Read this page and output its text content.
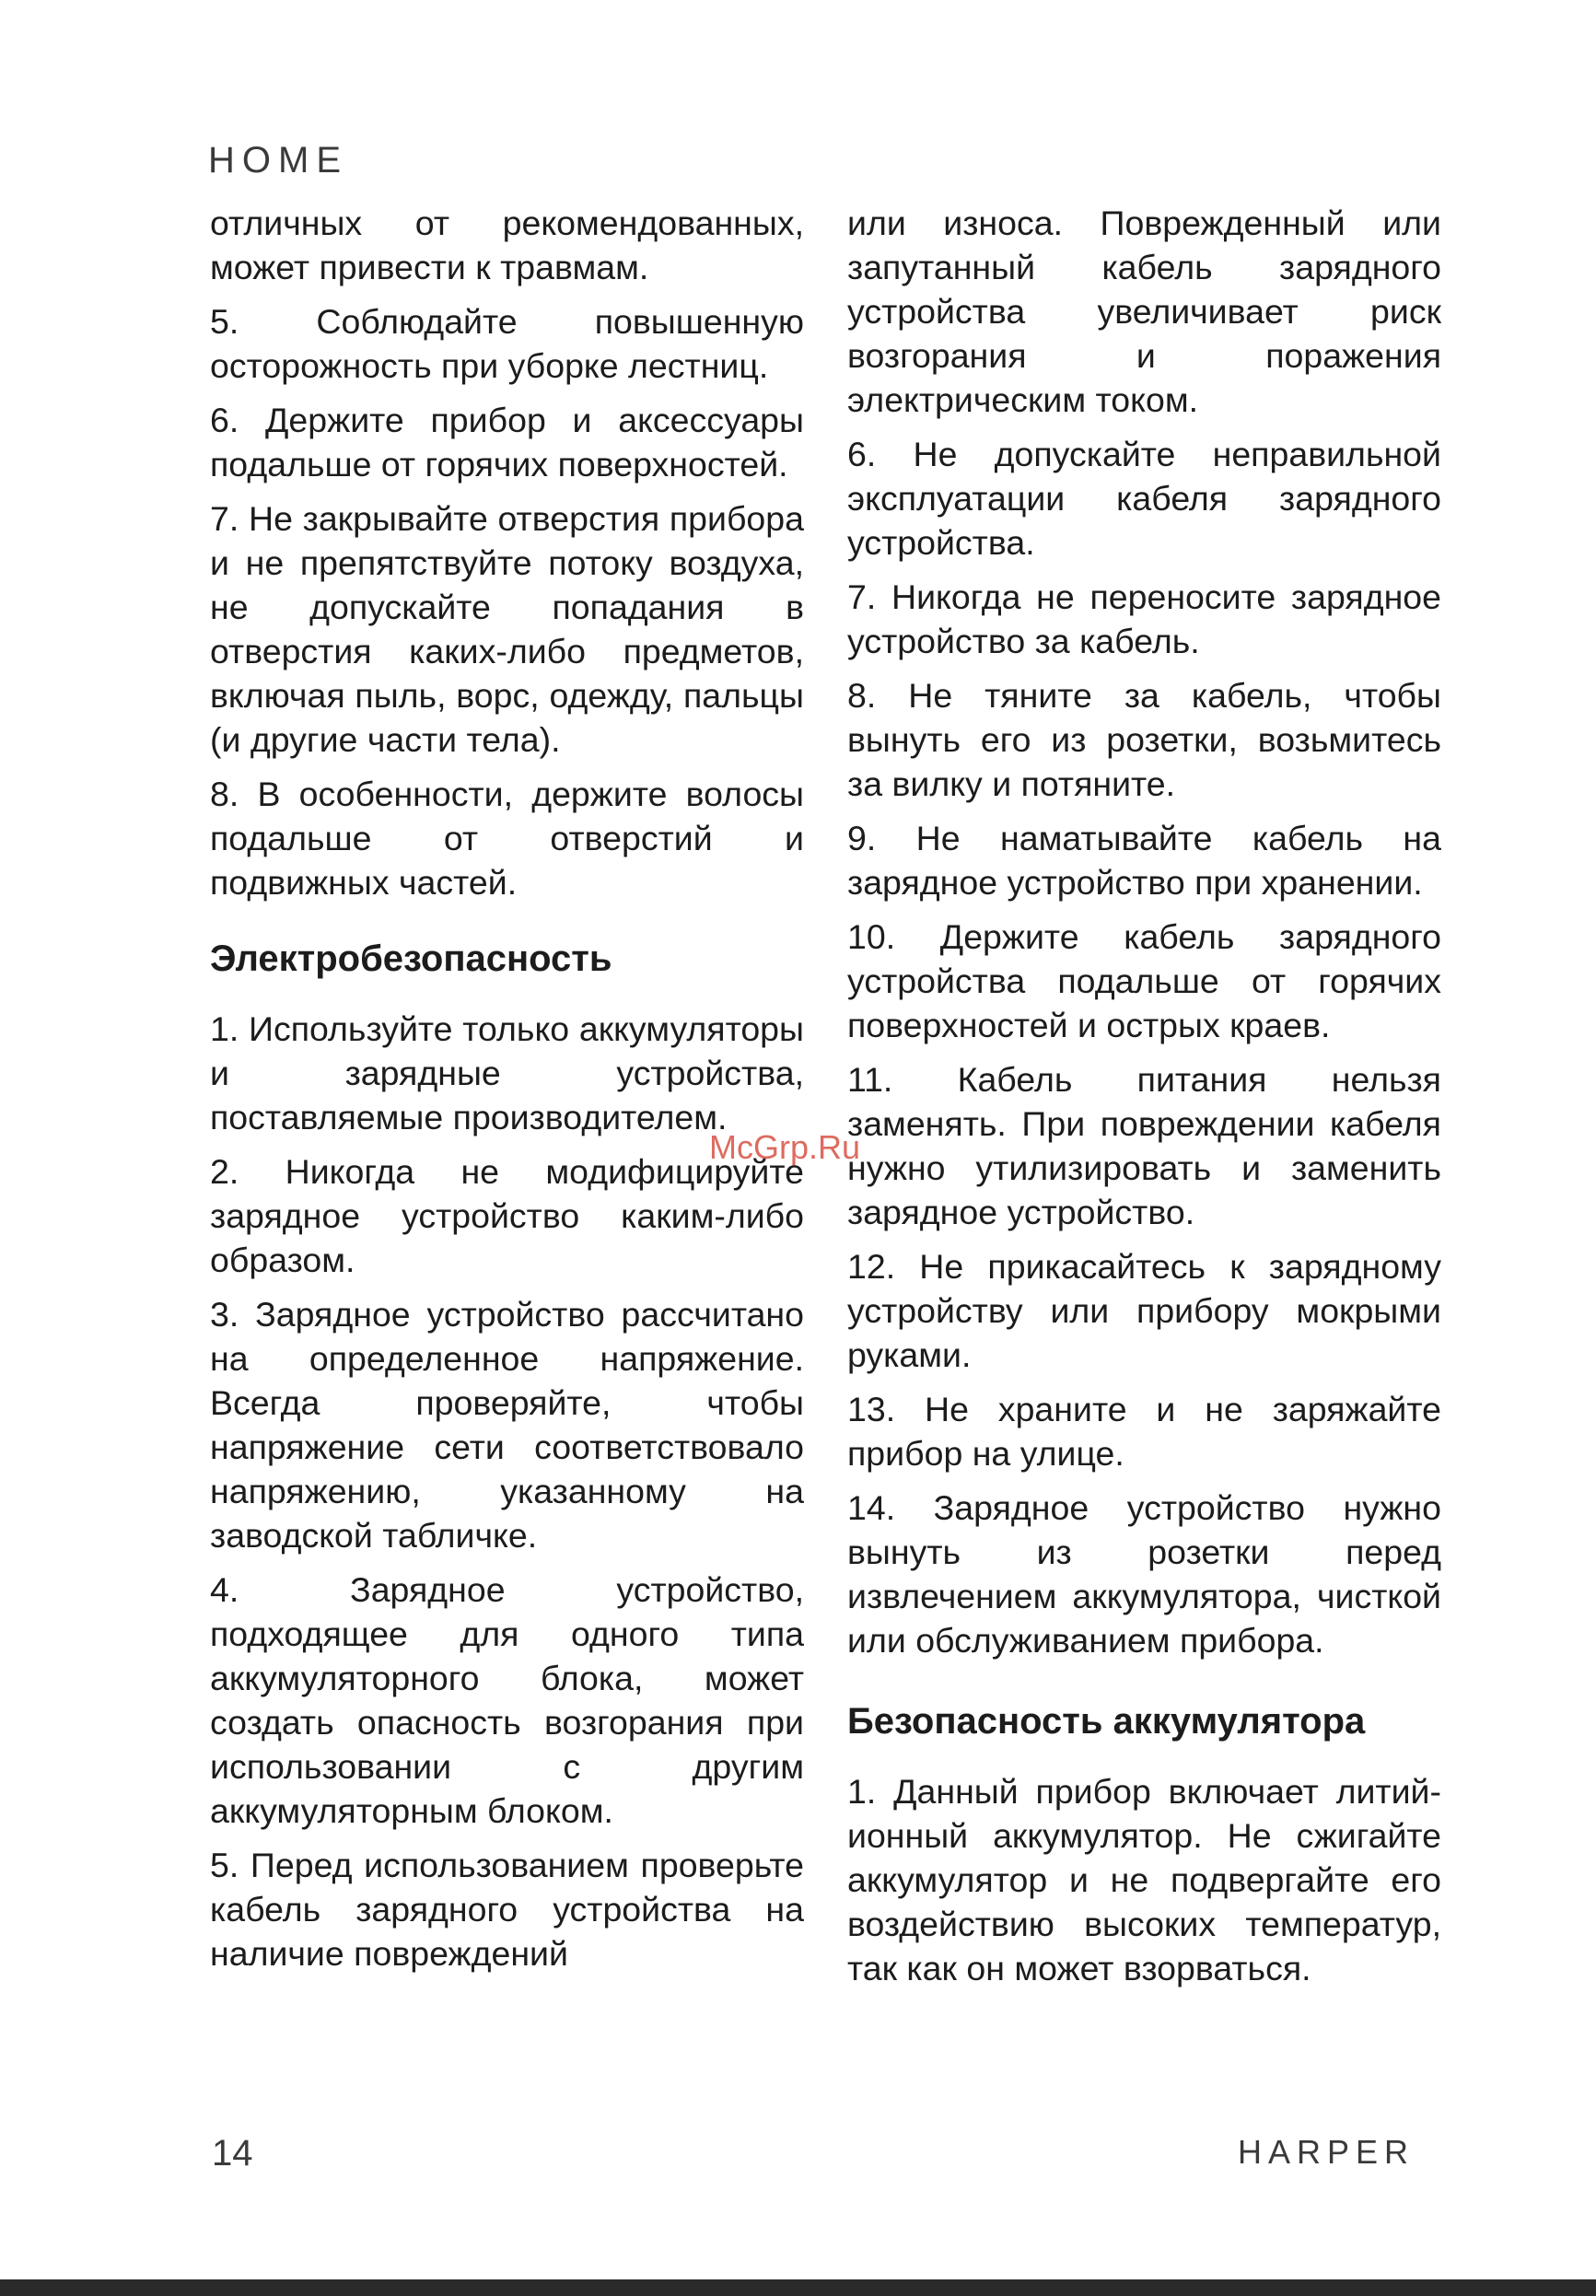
HOME

отличных от рекомендованных, может привести к травмам.

5. Соблюдайте повышенную осторожность при уборке лестниц.

6. Держите прибор и аксессуары подальше от горячих поверхностей.

7. Не закрывайте отверстия прибора и не препятствуйте потоку воздуха, не допускайте попадания в отверстия каких-либо предметов, включая пыль, ворс, одежду, пальцы (и другие части тела).

8. В особенности, держите волосы подальше от отверстий и подвижных частей.

Электробезопасность

1. Используйте только аккумуляторы и зарядные устройства, поставляемые производителем.

2. Никогда не модифицируйте зарядное устройство каким-либо образом.

3. Зарядное устройство рассчитано на определенное напряжение. Всегда проверяйте, чтобы напряжение сети соответствовало напряжению, указанному на заводской табличке.

4. Зарядное устройство, подходящее для одного типа аккумуляторного блока, может создать опасность возгорания при использовании с другим аккумуляторным блоком.

5. Перед использованием проверьте кабель зарядного устройства на наличие повреждений

или износа. Поврежденный или запутанный кабель зарядного устройства увеличивает риск возгорания и поражения электрическим током.

6. Не допускайте неправильной эксплуатации кабеля зарядного устройства.

7. Никогда не переносите зарядное устройство за кабель.

8. Не тяните за кабель, чтобы вынуть его из розетки, возьмитесь за вилку и потяните.

9. Не наматывайте кабель на зарядное устройство при хранении.

10. Держите кабель зарядного устройства подальше от горячих поверхностей и острых краев.

11. Кабель питания нельзя заменять. При повреждении кабеля нужно утилизировать и заменить зарядное устройство.

12. Не прикасайтесь к зарядному устройству или прибору мокрыми руками.

13. Не храните и не заряжайте прибор на улице.

14. Зарядное устройство нужно вынуть из розетки перед извлечением аккумулятора, чисткой или обслуживанием прибора.

Безопасность аккумулятора

1. Данный прибор включает литий-ионный аккумулятор. Не сжигайте аккумулятор и не подвергайте его воздействию высоких температур, так как он может взорваться.

McGrp.Ru
14	HARPER
